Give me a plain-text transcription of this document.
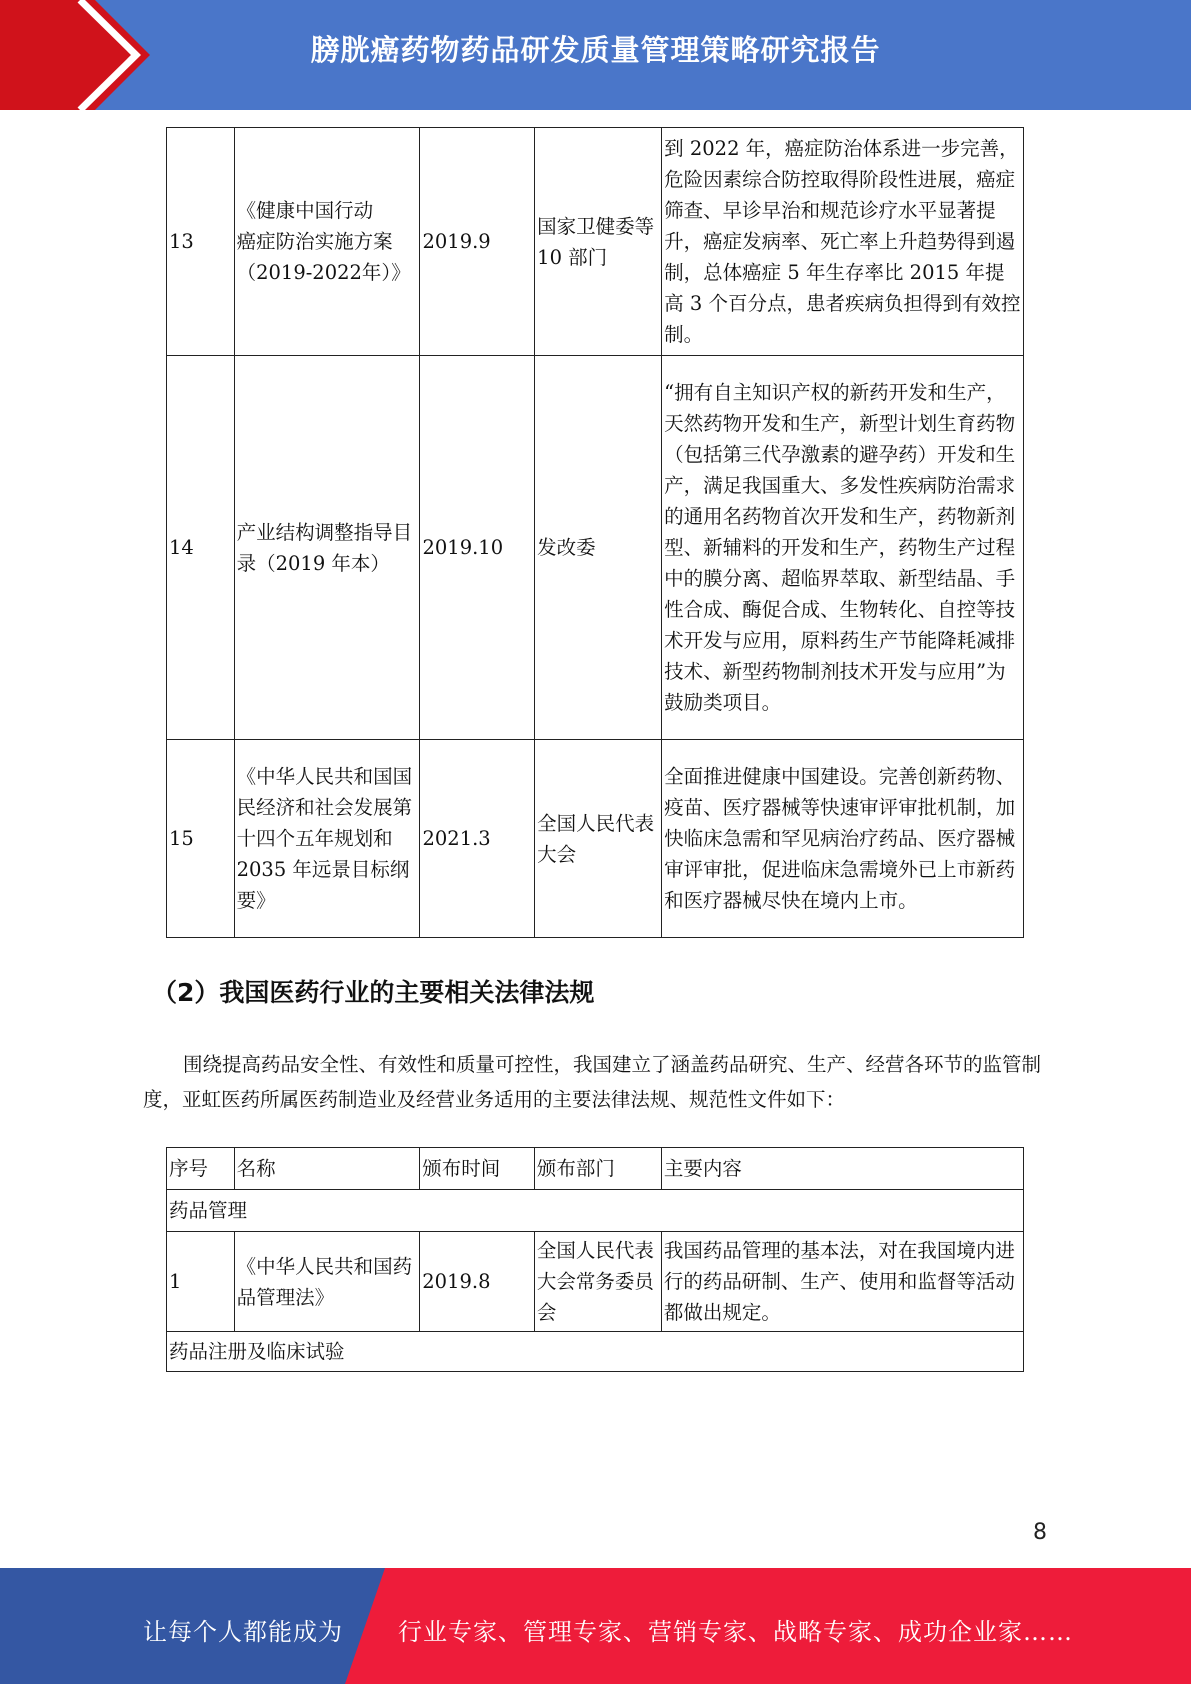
膀胱癌药物药品研发质量管理策略研究报告
13	《健康中国行动　　癌症防治实施方案（2019-2022年）》	2019.9	国家卫健委等 10 部门	到 2022 年，癌症防治体系进一步完善，危险因素综合防控取得阶段性进展，癌症筛查、早诊早治和规范诊疗水平显著提升，癌症发病率、死亡率上升趋势得到遏制，总体癌症 5 年生存率比 2015 年提高 3 个百分点，患者疾病负担得到有效控制。
14	产业结构调整指导目录（2019 年本）	2019.10	发改委	“拥有自主知识产权的新药开发和生产，天然药物开发和生产，新型计划生育药物（包括第三代孕激素的避孕药）开发和生产，满足我国重大、多发性疾病防治需求的通用名药物首次开发和生产，药物新剂型、新辅料的开发和生产，药物生产过程中的膜分离、超临界萃取、新型结晶、手性合成、酶促合成、生物转化、自控等技术开发与应用，原料药生产节能降耗减排技术、新型药物制剂技术开发与应用”为鼓励类项目。
15	《中华人民共和国国民经济和社会发展第十四个五年规划和 2035 年远景目标纲要》	2021.3	全国人民代表大会	全面推进健康中国建设。完善创新药物、疫苗、医疗器械等快速审评审批机制，加快临床急需和罕见病治疗药品、医疗器械审评审批，促进临床急需境外已上市新药和医疗器械尽快在境内上市。
（2）我国医药行业的主要相关法律法规
围绕提高药品安全性、有效性和质量可控性，我国建立了涵盖药品研究、生产、经营各环节的监管制度，亚虹医药所属医药制造业及经营业务适用的主要法律法规、规范性文件如下：
序号	名称	颁布时间	颁布部门	主要内容
药品管理				
1	《中华人民共和国药品管理法》	2019.8	全国人民代表大会常务委员会	我国药品管理的基本法，对在我国境内进行的药品研制、生产、使用和监督等活动都做出规定。
药品注册及临床试验				
8
让每个人都能成为 行业专家、管理专家、营销专家、战略专家、成功企业家……
